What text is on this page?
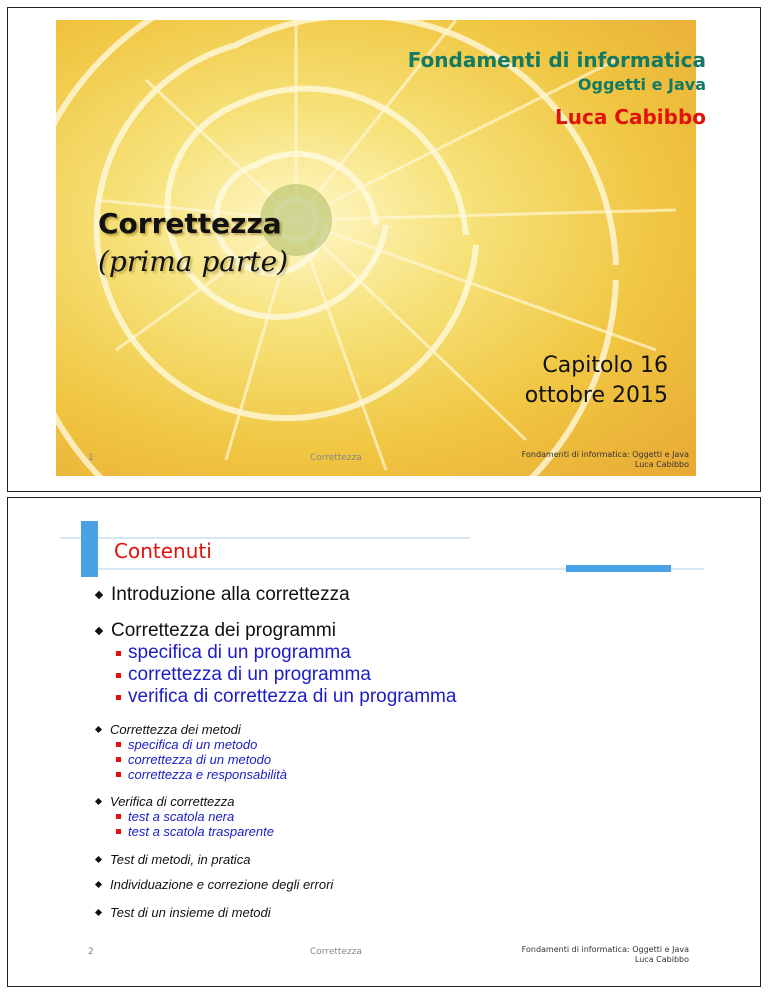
Fondamenti di informatica
Oggetti e Java
Luca Cabibbo
Correttezza
(prima parte)
Capitolo 16
ottobre 2015
1	Correttezza	Fondamenti di informatica: Oggetti e Java
Luca Cabibbo
Contenuti
Introduzione alla correttezza
Correttezza dei programmi
specifica di un programma
correttezza di un programma
verifica di correttezza di un programma
Correttezza dei metodi
specifica di un metodo
correttezza di un metodo
correttezza e responsabilità
Verifica di correttezza
test a scatola nera
test a scatola trasparente
Test di metodi, in pratica
Individuazione e correzione degli errori
Test di un insieme di metodi
2	Correttezza	Fondamenti di informatica: Oggetti e Java
Luca Cabibbo
